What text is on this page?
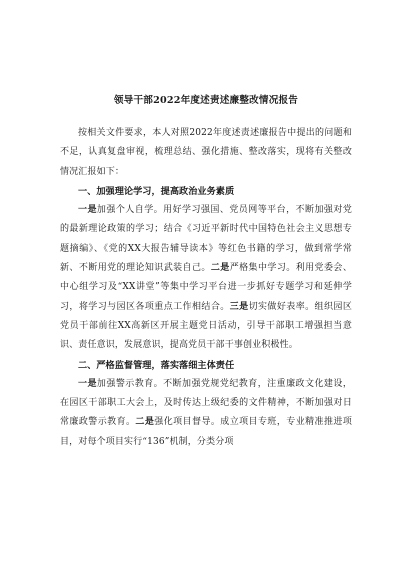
领导干部2022年度述责述廉整改情况报告

按相关文件要求，本人对照2022年度述责述廉报告中提出的问题和不足，认真复盘审视，梳理总结、强化措施、整改落实，现将有关整改情况汇报如下：

一、加强理论学习，提高政治业务素质

一是加强个人自学。用好学习强国、党员网等平台，不断加强对党的最新理论政策的学习；结合《习近平新时代中国特色社会主义思想专题摘编》、《党的XX大报告辅导读本》等红色书籍的学习，做到常学常新、不断用党的理论知识武装自己。二是严格集中学习。利用党委会、中心组学习及“XX讲堂”等集中学习平台进一步抓好专题学习和延伸学习，将学习与园区各项重点工作相结合。三是切实做好表率。组织园区党员干部前往XX高新区开展主题党日活动，引导干部职工增强担当意识、责任意识，发展意识，提高党员干部干事创业积极性。

二、严格监督管理，落实落细主体责任

一是加强警示教育。不断加强党规党纪教育，注重廉政文化建设，在园区干部职工大会上，及时传达上级纪委的文件精神，不断加强对日常廉政警示教育。二是强化项目督导。成立项目专班，专业精准推进项目，对每个项目实行“136”机制，分类分项
